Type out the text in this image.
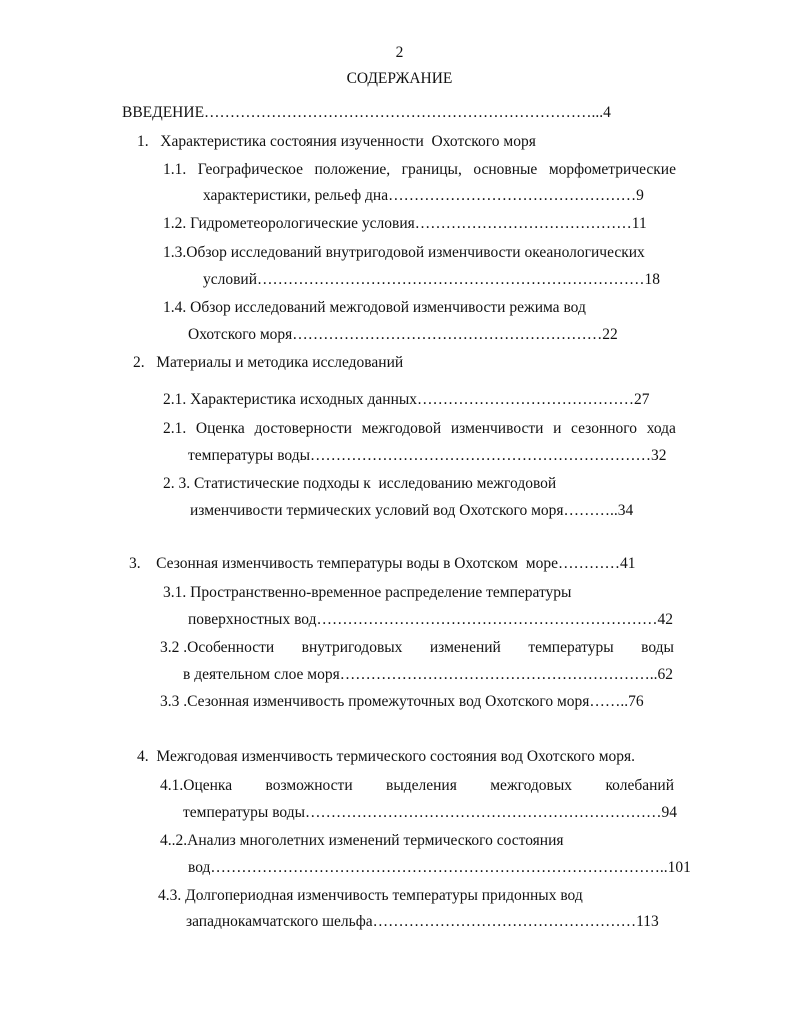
2
СОДЕРЖАНИЕ
ВВЕДЕНИЕ…………………………………………………………………...4
1.   Характеристика состояния изученности  Охотского моря
1.1. Географическое положение, границы, основные морфометрические
характеристики, рельеф дна…………………………………………9
1.2. Гидрометеорологические условия……………………………………11
1.3.Обзор исследований внутригодовой изменчивости океанологических
условий…………………………………………………………………18
1.4. Обзор исследований межгодовой изменчивости режима вод
Охотского моря……………………………………………………22
2.   Материалы и методика исследований
2.1. Характеристика исходных данных……………………………………27
2.1. Оценка достоверности межгодовой изменчивости и сезонного хода
температуры воды…………………………………………………………32
2. 3. Статистические подходы к  исследованию межгодовой
изменчивости термических условий вод Охотского моря………..34
3.    Сезонная изменчивость температуры воды в Охотском  море…………41
3.1. Пространственно-временное распределение температуры
поверхностных вод…………………………………………………………42
3.2 .Особенности внутригодовых изменений температуры воды
в деятельном слое моря……………………………………………………..62
3.3 .Сезонная изменчивость промежуточных вод Охотского моря……..76
4.  Межгодовая изменчивость термического состояния вод Охотского моря.
4.1.Оценка возможности выделения межгодовых колебаний
температуры воды……………………………………………………………94
4..2.Анализ многолетних изменений термического состояния
вод……………………………………………………………………………..101
4.3. Долгопериодная изменчивость температуры придонных вод
западнокамчатского шельфа……………………………………………113
